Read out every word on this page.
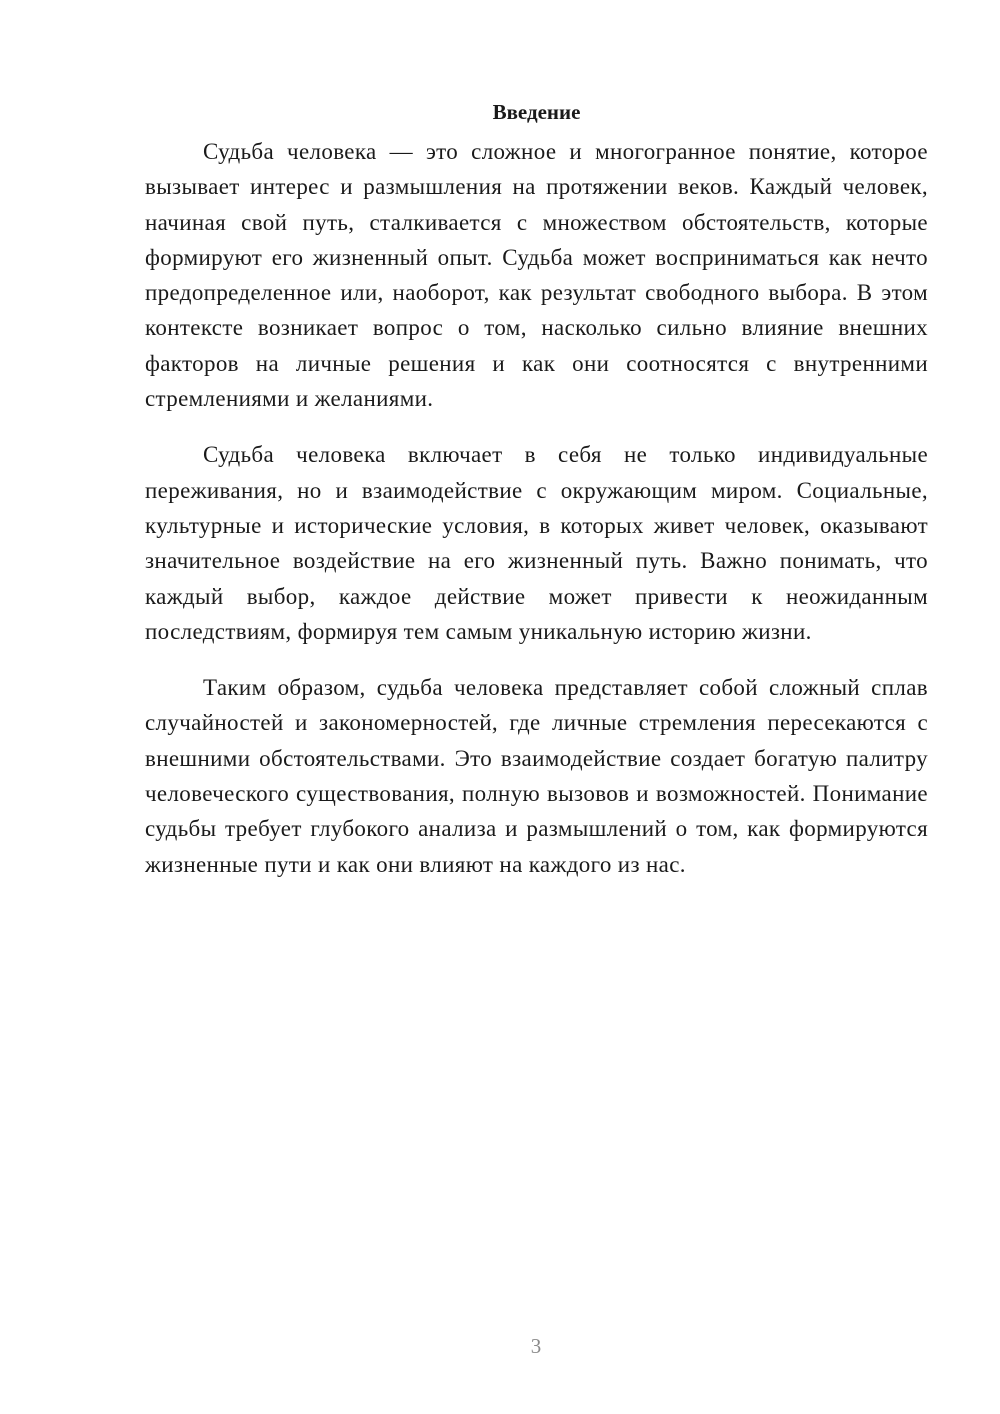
Введение

Судьба человека — это сложное и многогранное понятие, которое вызывает интерес и размышления на протяжении веков. Каждый человек, начиная свой путь, сталкивается с множеством обстоятельств, которые формируют его жизненный опыт. Судьба может восприниматься как нечто предопределенное или, наоборот, как результат свободного выбора. В этом контексте возникает вопрос о том, насколько сильно влияние внешних факторов на личные решения и как они соотносятся с внутренними стремлениями и желаниями.

Судьба человека включает в себя не только индивидуальные переживания, но и взаимодействие с окружающим миром. Социальные, культурные и исторические условия, в которых живет человек, оказывают значительное воздействие на его жизненный путь. Важно понимать, что каждый выбор, каждое действие может привести к неожиданным последствиям, формируя тем самым уникальную историю жизни.

Таким образом, судьба человека представляет собой сложный сплав случайностей и закономерностей, где личные стремления пересекаются с внешними обстоятельствами. Это взаимодействие создает богатую палитру человеческого существования, полную вызовов и возможностей. Понимание судьбы требует глубокого анализа и размышлений о том, как формируются жизненные пути и как они влияют на каждого из нас.

3
